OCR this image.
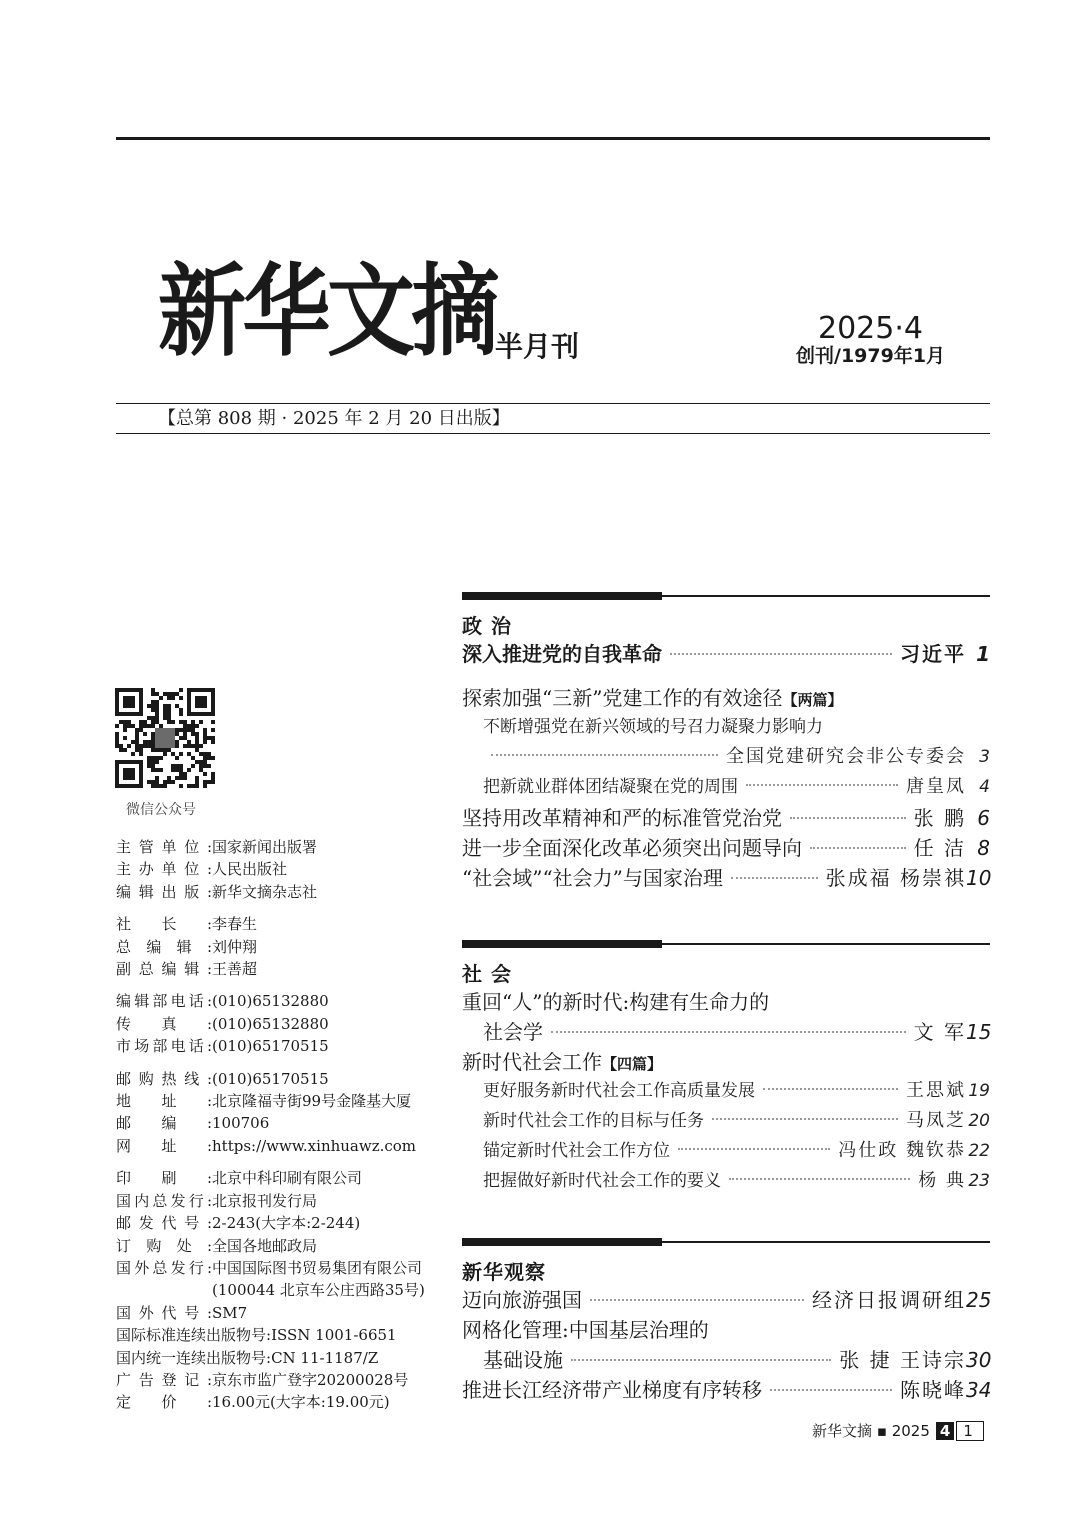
新华文摘 半月刊
2025·4
创刊/1979年1月
【总第 808 期 · 2025 年 2 月 20 日出版】
微信公众号
主管单位: 国家新闻出版署
主办单位: 人民出版社
编辑出版: 新华文摘杂志社
社长: 李春生
总编辑: 刘仲翔
副总编辑: 王善超
编辑部电话: (010)65132880
传真: (010)65132880
市场部电话: (010)65170515
邮购热线: (010)65170515
地址: 北京隆福寺街99号金隆基大厦
邮编: 100706
网址: https://www.xinhuawz.com
印刷: 北京中科印刷有限公司
国内总发行: 北京报刊发行局
邮发代号: 2-243(大字本:2-244)
订购处: 全国各地邮政局
国外总发行: 中国国际图书贸易集团有限公司
(100044 北京车公庄西路35号)
国外代号: SM7
国际标准连续出版物号: ISSN 1001-6651
国内统一连续出版物号: CN 11-1187/Z
广告登记: 京东市监广登字20200028号
定价: 16.00元(大字本:19.00元)
政 治
深入推进党的自我革命	习近平 1
探索加强“三新”党建工作的有效途径 【两篇】
不断增强党在新兴领域的号召力凝聚力影响力
全国党建研究会非公专委会 3
把新就业群体团结凝聚在党的周围	唐皇凤 4
坚持用改革精神和严的标准管党治党	张 鹏 6
进一步全面深化改革必须突出问题导向	任 洁 8
“社会域”“社会力”与国家治理	张成福 杨崇祺 10
社 会
重回“人”的新时代:构建有生命力的
社会学	文 军 15
新时代社会工作 【四篇】
更好服务新时代社会工作高质量发展	王思斌 19
新时代社会工作的目标与任务	马凤芝 20
锚定新时代社会工作方位	冯仕政 魏钦恭 22
把握做好新时代社会工作的要义	杨 典 23
新华观察
迈向旅游强国	经济日报调研组 25
网格化管理:中国基层治理的
基础设施	张 捷 王诗宗 30
推进长江经济带产业梯度有序转移	陈晓峰 34
新华文摘 ▪ 2025 4 1
